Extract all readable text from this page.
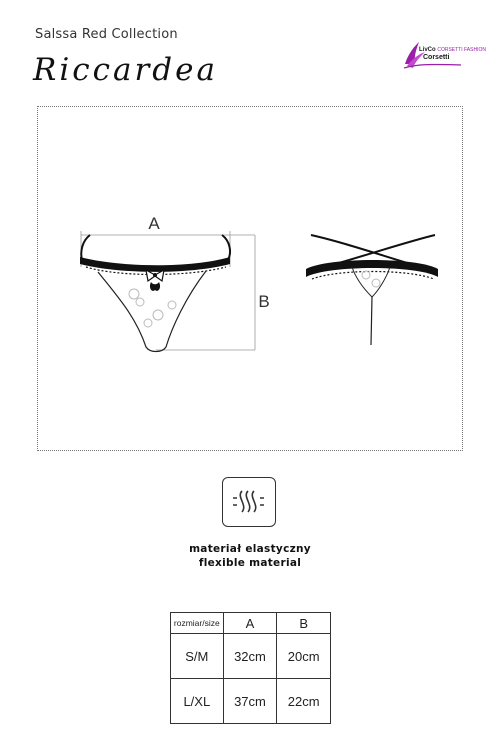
Salssa Red Collection
Riccardea
LivCo CORSETTI FASHION
Corsetti
A
B
materiał elastyczny
flexible material
rozmiar/size	A	B
S/M	32cm	20cm
L/XL	37cm	22cm
